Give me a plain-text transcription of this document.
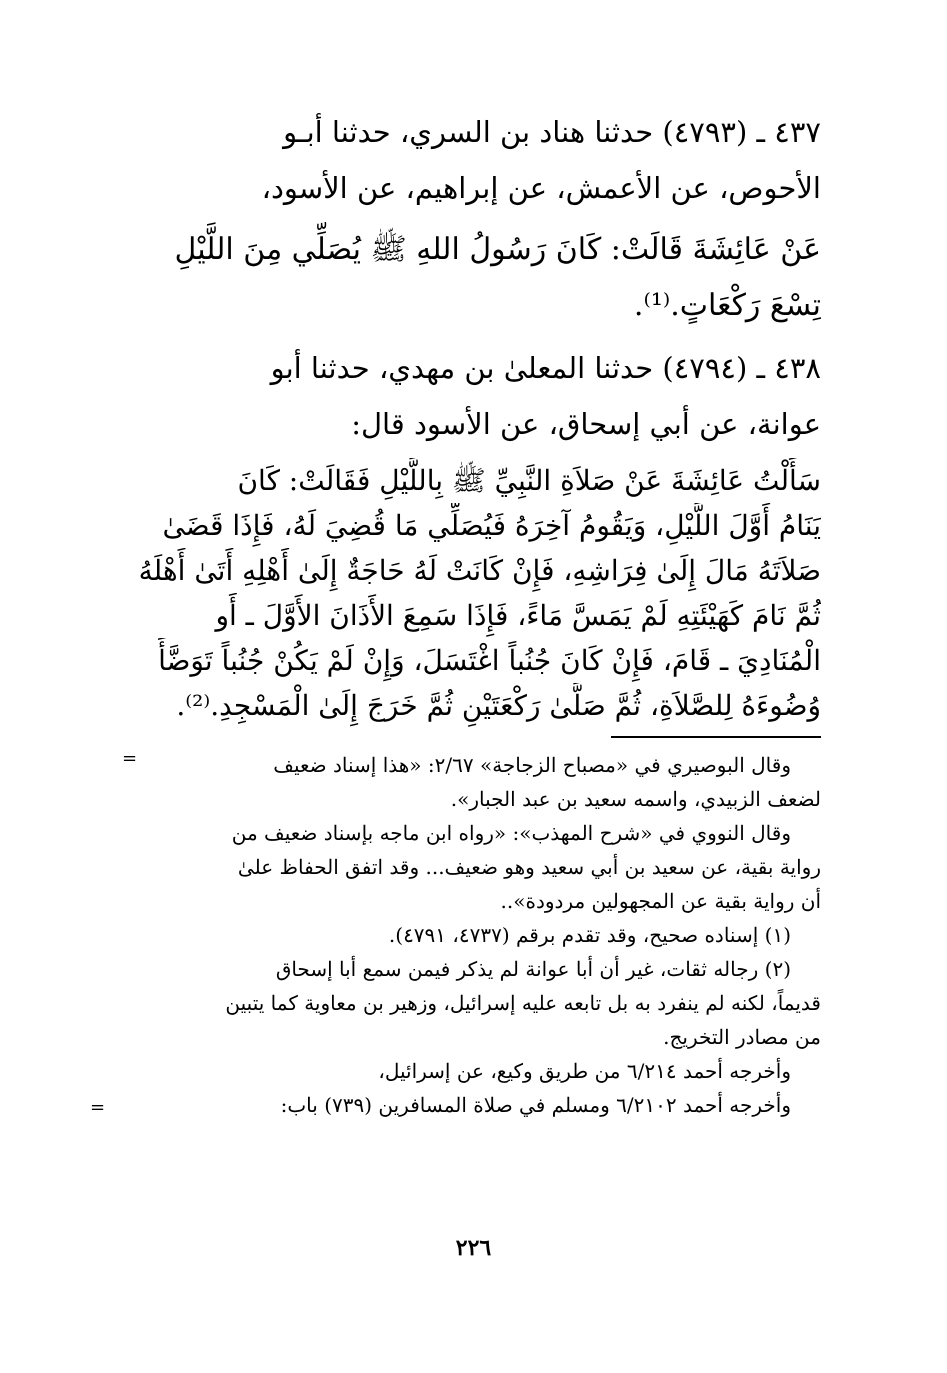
٤٣٧ ـ (٤٧٩٣) حدثنا هناد بن السري، حدثنا أبـو
الأحوص، عن الأعمش، عن إبراهيم، عن الأسود،
عَنْ عَائِشَةَ قَالَتْ: كَانَ رَسُولُ اللهِ ﷺ يُصَلِّي مِنَ اللَّيْلِ
تِسْعَ رَكْعَاتٍ.⁽¹⁾.
٤٣٨ ـ (٤٧٩٤) حدثنا المعلىٰ بن مهدي، حدثنا أبو
عوانة، عن أبي إسحاق، عن الأسود قال:
سَأَلْتُ عَائِشَةَ عَنْ صَلاَةِ النَّبِيِّ ﷺ بِاللَّيْلِ فَقَالَتْ: كَانَ
يَنَامُ أَوَّلَ اللَّيْلِ، وَيَقُومُ آخِرَهُ فَيُصَلِّي مَا قُضِيَ لَهُ، فَإِذَا قَضَىٰ
صَلاَتَهُ مَالَ إِلَىٰ فِرَاشِهِ، فَإِنْ كَانَتْ لَهُ حَاجَةٌ إِلَىٰ أَهْلِهِ أَتَىٰ أَهْلَهُ
ثُمَّ نَامَ كَهَيْئَتِهِ لَمْ يَمَسَّ مَاءً، فَإِذَا سَمِعَ الأَذَانَ الأَوَّلَ ـ أَو
الْمُنَادِيَ ـ قَامَ، فَإِنْ كَانَ جُنُباً اغْتَسَلَ، وَإِنْ لَمْ يَكُنْ جُنُباً تَوَضَّأَ
وُضُوءَهُ لِلصَّلاَةِ، ثُمَّ صَلَّىٰ رَكْعَتَيْنِ ثُمَّ خَرَجَ إِلَىٰ الْمَسْجِدِ.⁽²⁾.
=	وقال البوصيري في «مصباح الزجاجة» ٢/٦٧: «هذا إسناد ضعيف
لضعف الزبيدي، واسمه سعيد بن عبد الجبار».
وقال النووي في «شرح المهذب»: «رواه ابن ماجه بإسناد ضعيف من
رواية بقية، عن سعيد بن أبي سعيد وهو ضعيف... وقد اتفق الحفاظ علىٰ
أن رواية بقية عن المجهولين مردودة»..
(١) إسناده صحيح، وقد تقدم برقم (٤٧٣٧، ٤٧٩١).
(٢) رجاله ثقات، غير أن أبا عوانة لم يذكر فيمن سمع أبا إسحاق
قديماً، لكنه لم ينفرد به بل تابعه عليه إسرائيل، وزهير بن معاوية كما يتبين
من مصادر التخريج.
وأخرجه أحمد ٦/٢١٤ من طريق وكيع، عن إسرائيل،
وأخرجه أحمد ٦/٢١٠٢ ومسلم في صلاة المسافرين (٧٣٩) باب:
=
٢٢٦
